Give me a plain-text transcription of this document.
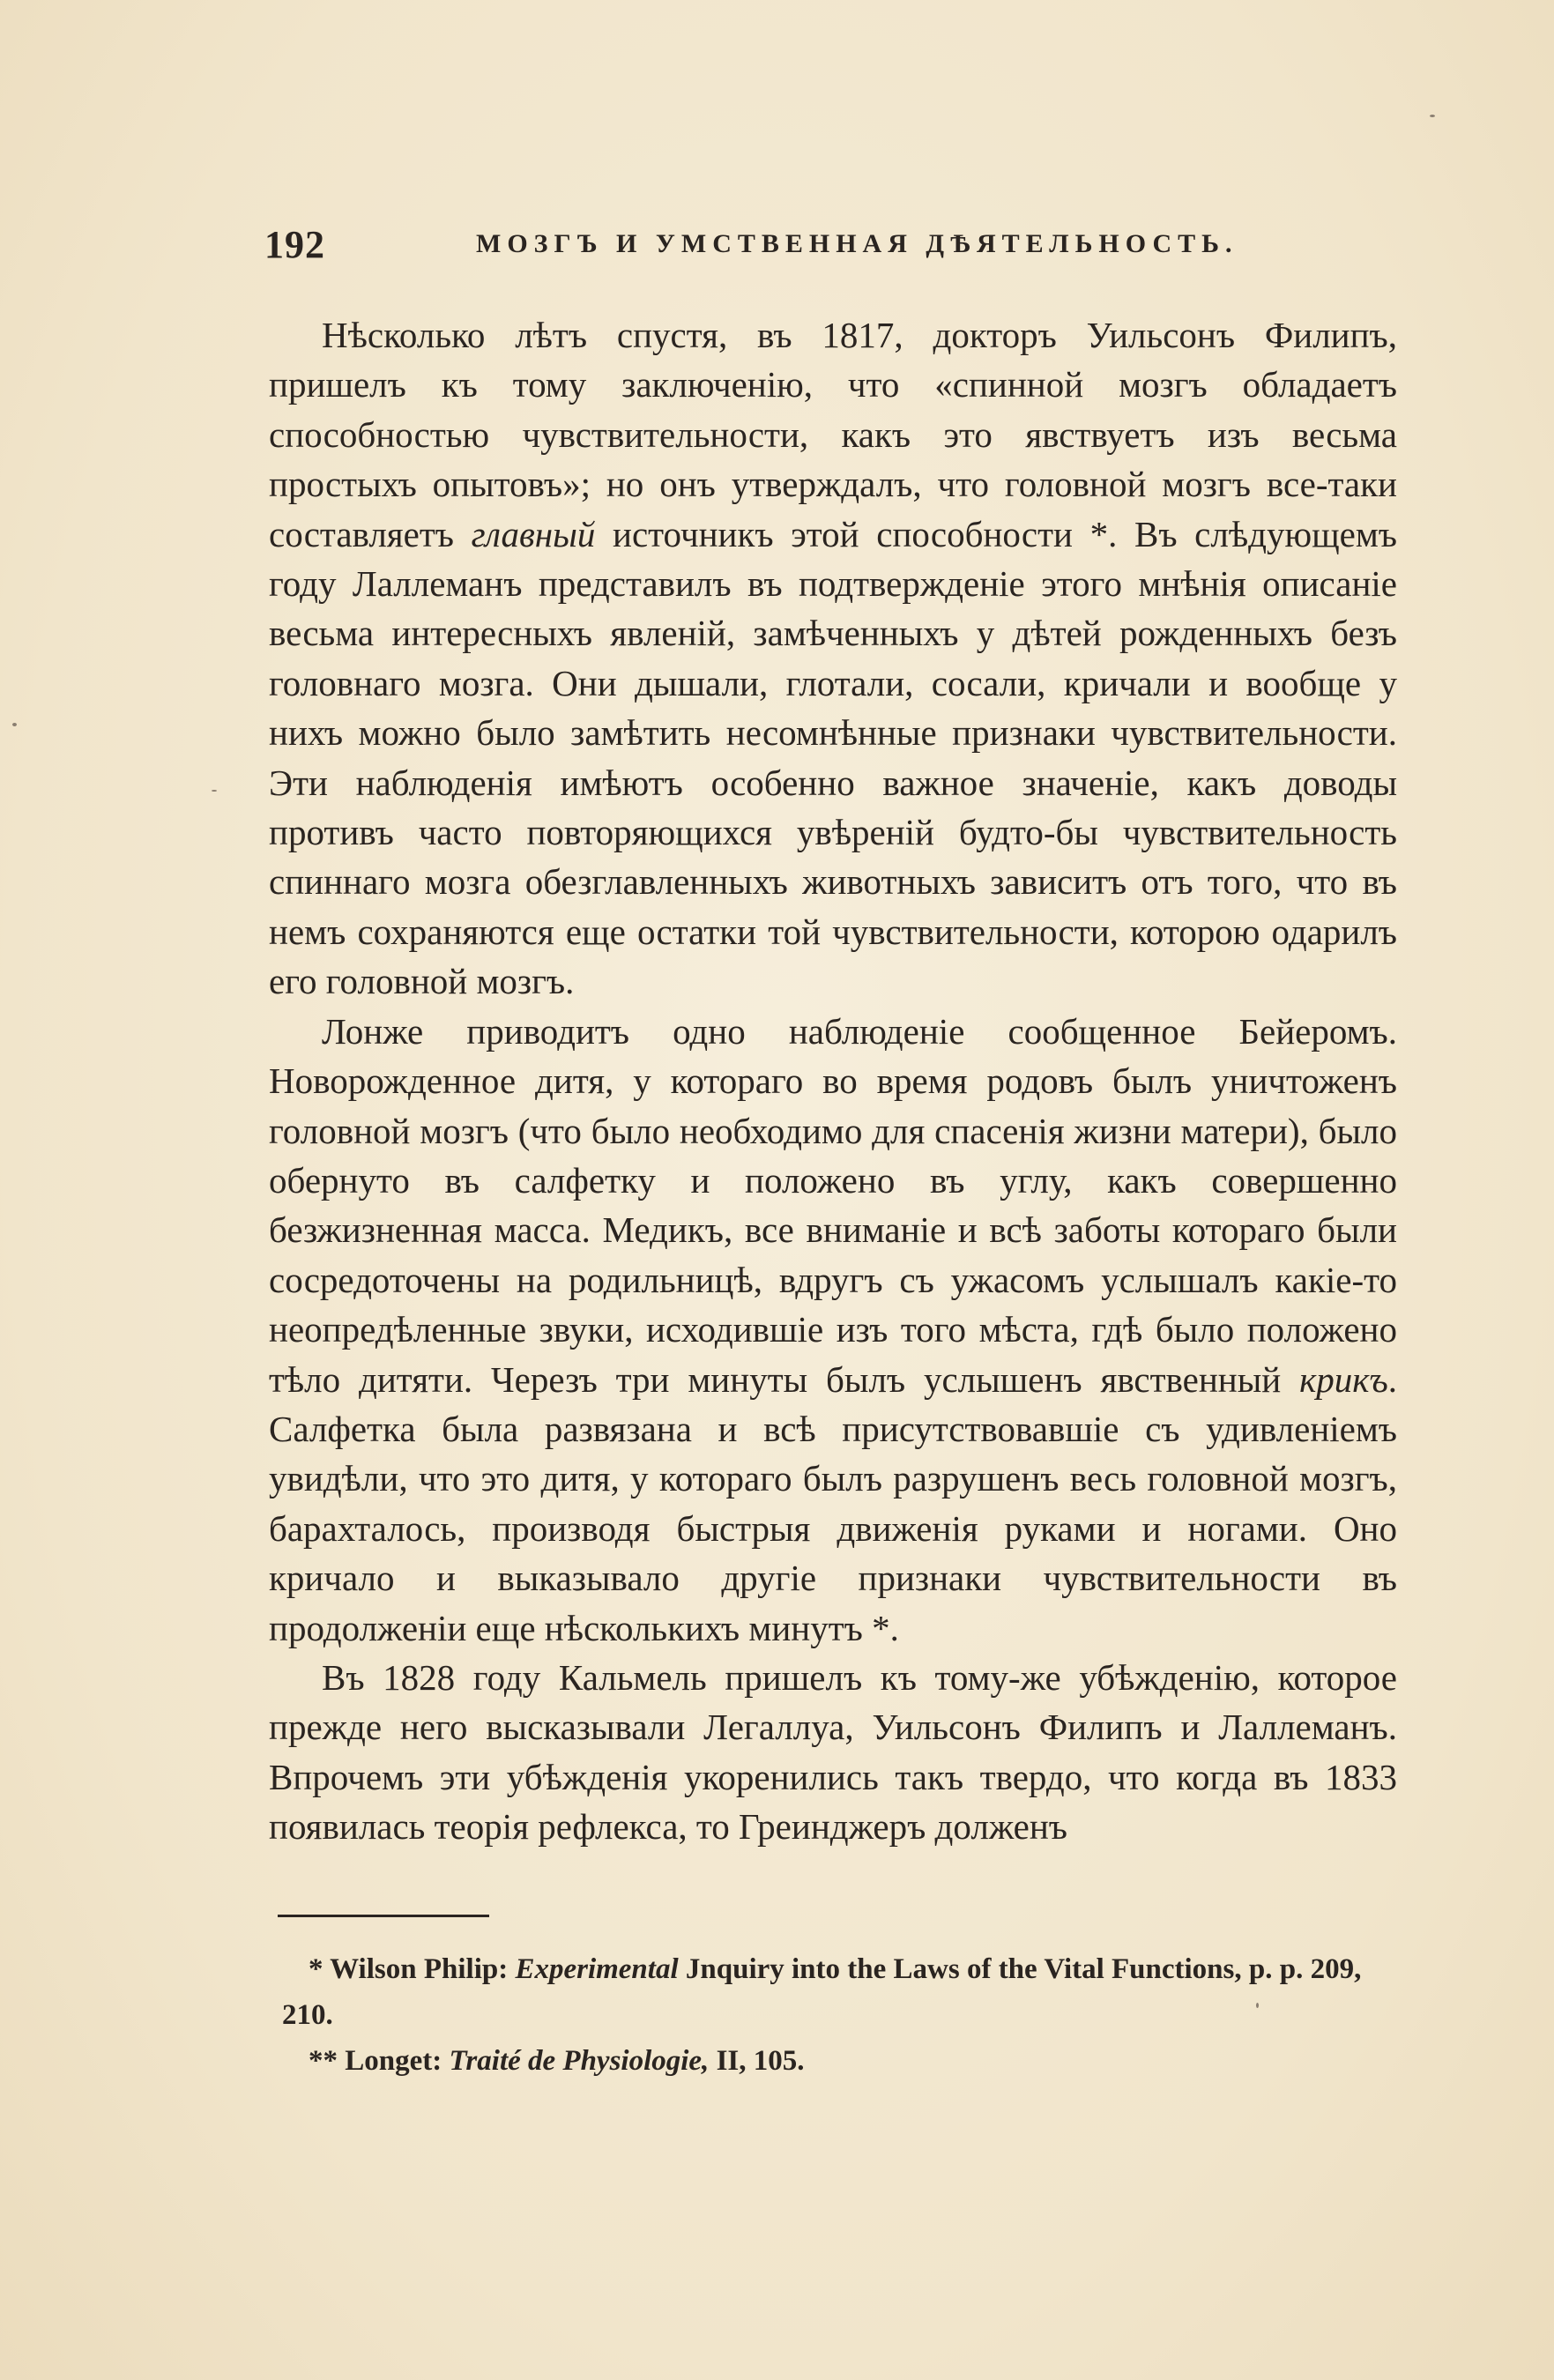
192	МОЗГЪ И УМСТВЕННАЯ ДѢЯТЕЛЬНОСТЬ.

Нѣсколько лѣтъ спустя, въ 1817, докторъ Уильсонъ Филипъ, пришелъ къ тому заключенію, что «спинной мозгъ обладаетъ способностью чувствительности, какъ это явствуетъ изъ весьма простыхъ опытовъ»; но онъ утверждалъ, что головной мозгъ все-таки составляетъ главный источникъ этой способности *. Въ слѣдующемъ году Лаллеманъ представилъ въ подтвержденіе этого мнѣнія описаніе весьма интересныхъ явленій, замѣченныхъ у дѣтей рожденныхъ безъ головнаго мозга. Они дышали, глотали, сосали, кричали и вообще у нихъ можно было замѣтить несомнѣнные признаки чувствительности. Эти наблюденія имѣютъ особенно важное значеніе, какъ доводы противъ часто повторяющихся увѣреній будто-бы чувствительность спиннаго мозга обезглавленныхъ животныхъ зависитъ отъ того, что въ немъ сохраняются еще остатки той чувствительности, которою одарилъ его головной мозгъ.

Лонже приводитъ одно наблюденіе сообщенное Бейеромъ. Новорожденное дитя, у котораго во время родовъ былъ уничтоженъ головной мозгъ (что было необходимо для спасенія жизни матери), было обернуто въ салфетку и положено въ углу, какъ совершенно безжизненная масса. Медикъ, все вниманіе и всѣ заботы котораго были сосредоточены на родильницѣ, вдругъ съ ужасомъ услышалъ какіе-то неопредѣленные звуки, исходившіе изъ того мѣста, гдѣ было положено тѣло дитяти. Черезъ три минуты былъ услышенъ явственный крикъ. Салфетка была развязана и всѣ присутствовавшіе съ удивленіемъ увидѣли, что это дитя, у котораго былъ разрушенъ весь головной мозгъ, барахталось, производя быстрыя движенія руками и ногами. Оно кричало и выказывало другіе признаки чувствительности въ продолженіи еще нѣсколькихъ минутъ *.

Въ 1828 году Кальмель пришелъ къ тому-же убѣжденію, которое прежде него высказывали Легаллуа, Уильсонъ Филипъ и Лаллеманъ. Впрочемъ эти убѣжденія укоренились такъ твердо, что когда въ 1833 появилась теорія рефлекса, то Греинджеръ долженъ

* Wilson Philip: Experimental Jnquiry into the Laws of the Vital Functions, p. p. 209, 210.
** Longet: Traité de Physiologie, II, 105.
